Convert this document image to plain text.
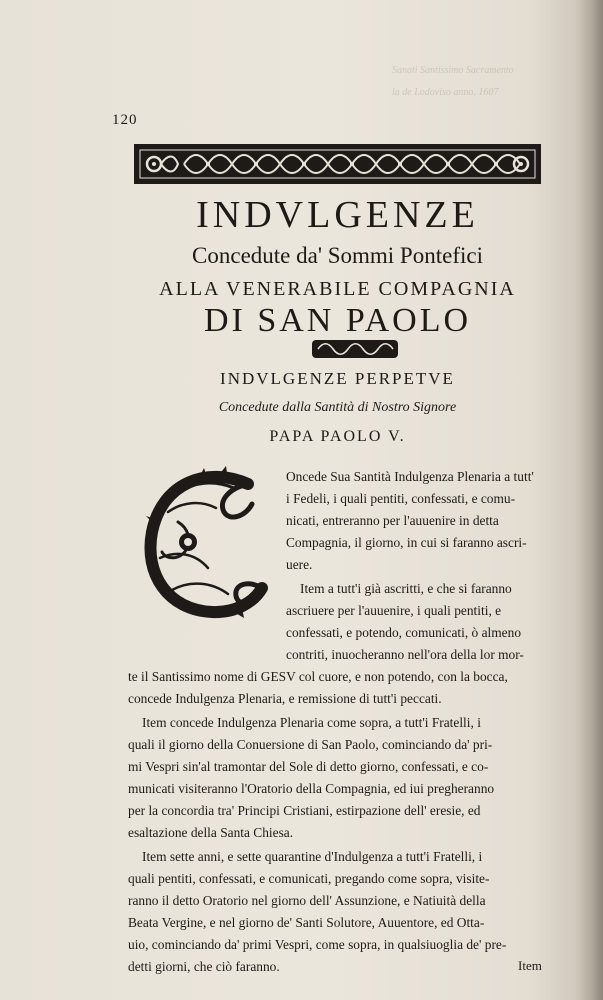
Sanati Santissimo Sacramento
la de Lodoviso anno. 1607
120
INDVLGENZE
Concedute da' Sommi Pontefici
ALLA VENERABILE COMPAGNIA
DI SAN PAOLO
INDVLGENZE PERPETVE
Concedute dalla Santità di Nostro Signore
PAPA PAOLO V.
Oncede Sua Santità Indulgenza Plenaria a tutt'
i Fedeli, i quali pentiti, confessati, e comu-
nicati, entreranno per l'auuenire in detta
Compagnia, il giorno, in cui si faranno ascri-
uere.
Item a tutt'i già ascritti, e che si faranno
ascriuere per l'auuenire, i quali pentiti, e
confessati, e potendo, comunicati, ò almeno
contriti, inuocheranno nell'ora della lor mor-
te il Santissimo nome di GESV col cuore, e non potendo, con la bocca,
concede Indulgenza Plenaria, e remissione di tutt'i peccati.
Item concede Indulgenza Plenaria come sopra, a tutt'i Fratelli, i
quali il giorno della Conuersione di San Paolo, cominciando da' pri-
mi Vespri sin'al tramontar del Sole di detto giorno, confessati, e co-
municati visiteranno l'Oratorio della Compagnia, ed iui pregheranno
per la concordia tra' Principi Cristiani, estirpazione dell' eresie, ed
esaltazione della Santa Chiesa.
Item sette anni, e sette quarantine d'Indulgenza a tutt'i Fratelli, i
quali pentiti, confessati, e comunicati, pregando come sopra, visite-
ranno il detto Oratorio nel giorno dell' Assunzione, e Natiuità della
Beata Vergine, e nel giorno de' Santi Solutore, Auuentore, ed Otta-
uio, cominciando da' primi Vespri, come sopra, in qualsiuoglia de' pre-
detti giorni, che ciò faranno.	Item
